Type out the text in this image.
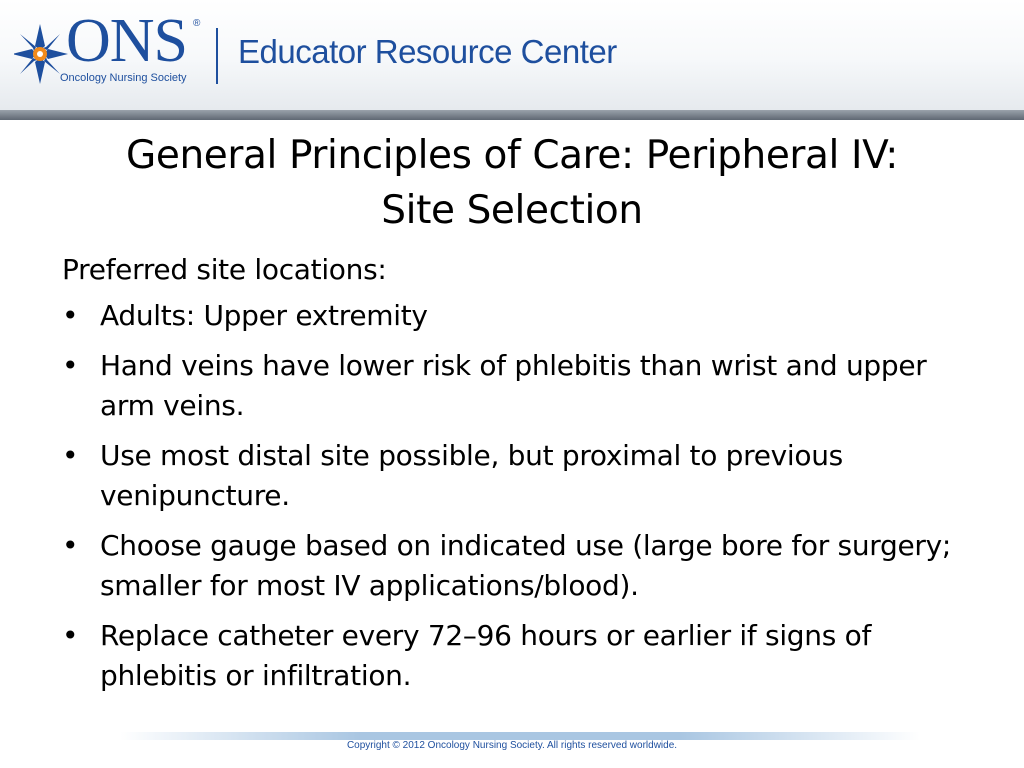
ONS ®
Oncology Nursing Society
Educator Resource Center
General Principles of Care: Peripheral IV:
Site Selection
Preferred site locations:
• Adults: Upper extremity
• Hand veins have lower risk of phlebitis than wrist and upper arm veins.
• Use most distal site possible, but proximal to previous venipuncture.
• Choose gauge based on indicated use (large bore for surgery; smaller for most IV applications/blood).
• Replace catheter every 72–96 hours or earlier if signs of phlebitis or infiltration.
Copyright © 2012 Oncology Nursing Society. All rights reserved worldwide.
